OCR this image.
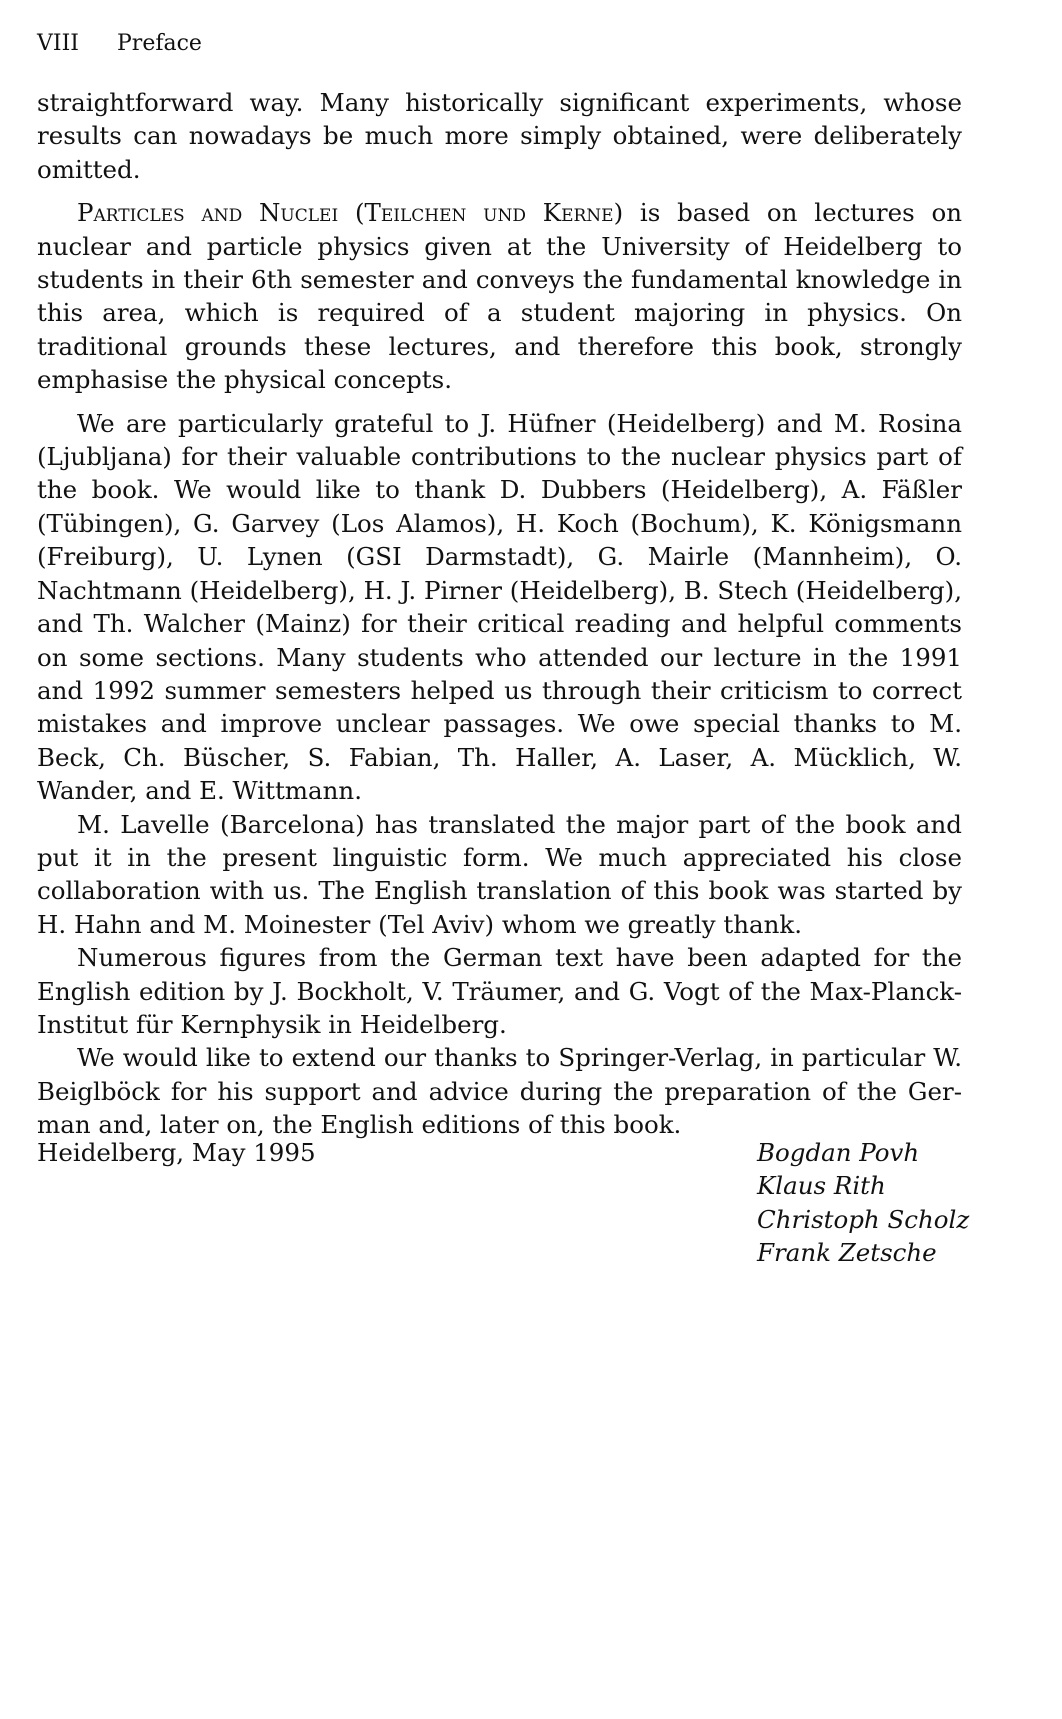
VIII Preface

straightforward way. Many historically significant experiments, whose results can nowadays be much more simply obtained, were deliberately omitted.

Particles and Nuclei (Teilchen und Kerne) is based on lectures on nuclear and particle physics given at the University of Heidelberg to students in their 6th semester and conveys the fundamental knowledge in this area, which is required of a student majoring in physics. On traditional grounds these lectures, and therefore this book, strongly emphasise the physical concepts.

We are particularly grateful to J. Hüfner (Heidelberg) and M. Rosina (Ljubljana) for their valuable contributions to the nuclear physics part of the book. We would like to thank D. Dubbers (Heidelberg), A. Fäßler (Tübingen), G. Garvey (Los Alamos), H. Koch (Bochum), K. Königsmann (Freiburg), U. Lynen (GSI Darmstadt), G. Mairle (Mannheim), O. Nachtmann (Heidelberg), H. J. Pirner (Heidelberg), B. Stech (Heidelberg), and Th. Walcher (Mainz) for their critical reading and helpful comments on some sections. Many students who attended our lecture in the 1991 and 1992 summer semesters helped us through their criticism to correct mistakes and improve unclear passages. We owe special thanks to M. Beck, Ch. Büscher, S. Fabian, Th. Haller, A. Laser, A. Mücklich, W. Wander, and E. Wittmann.

M. Lavelle (Barcelona) has translated the major part of the book and put it in the present linguistic form. We much appreciated his close collaboration with us. The English translation of this book was started by H. Hahn and M. Moinester (Tel Aviv) whom we greatly thank.

Numerous figures from the German text have been adapted for the English edition by J. Bockholt, V. Träumer, and G. Vogt of the Max-Planck-Institut für Kernphysik in Heidelberg.

We would like to extend our thanks to Springer-Verlag, in particular W. Beiglböck for his support and advice during the preparation of the German and, later on, the English editions of this book.

Heidelberg, May 1995	Bogdan Povh
Klaus Rith
Christoph Scholz
Frank Zetsche
